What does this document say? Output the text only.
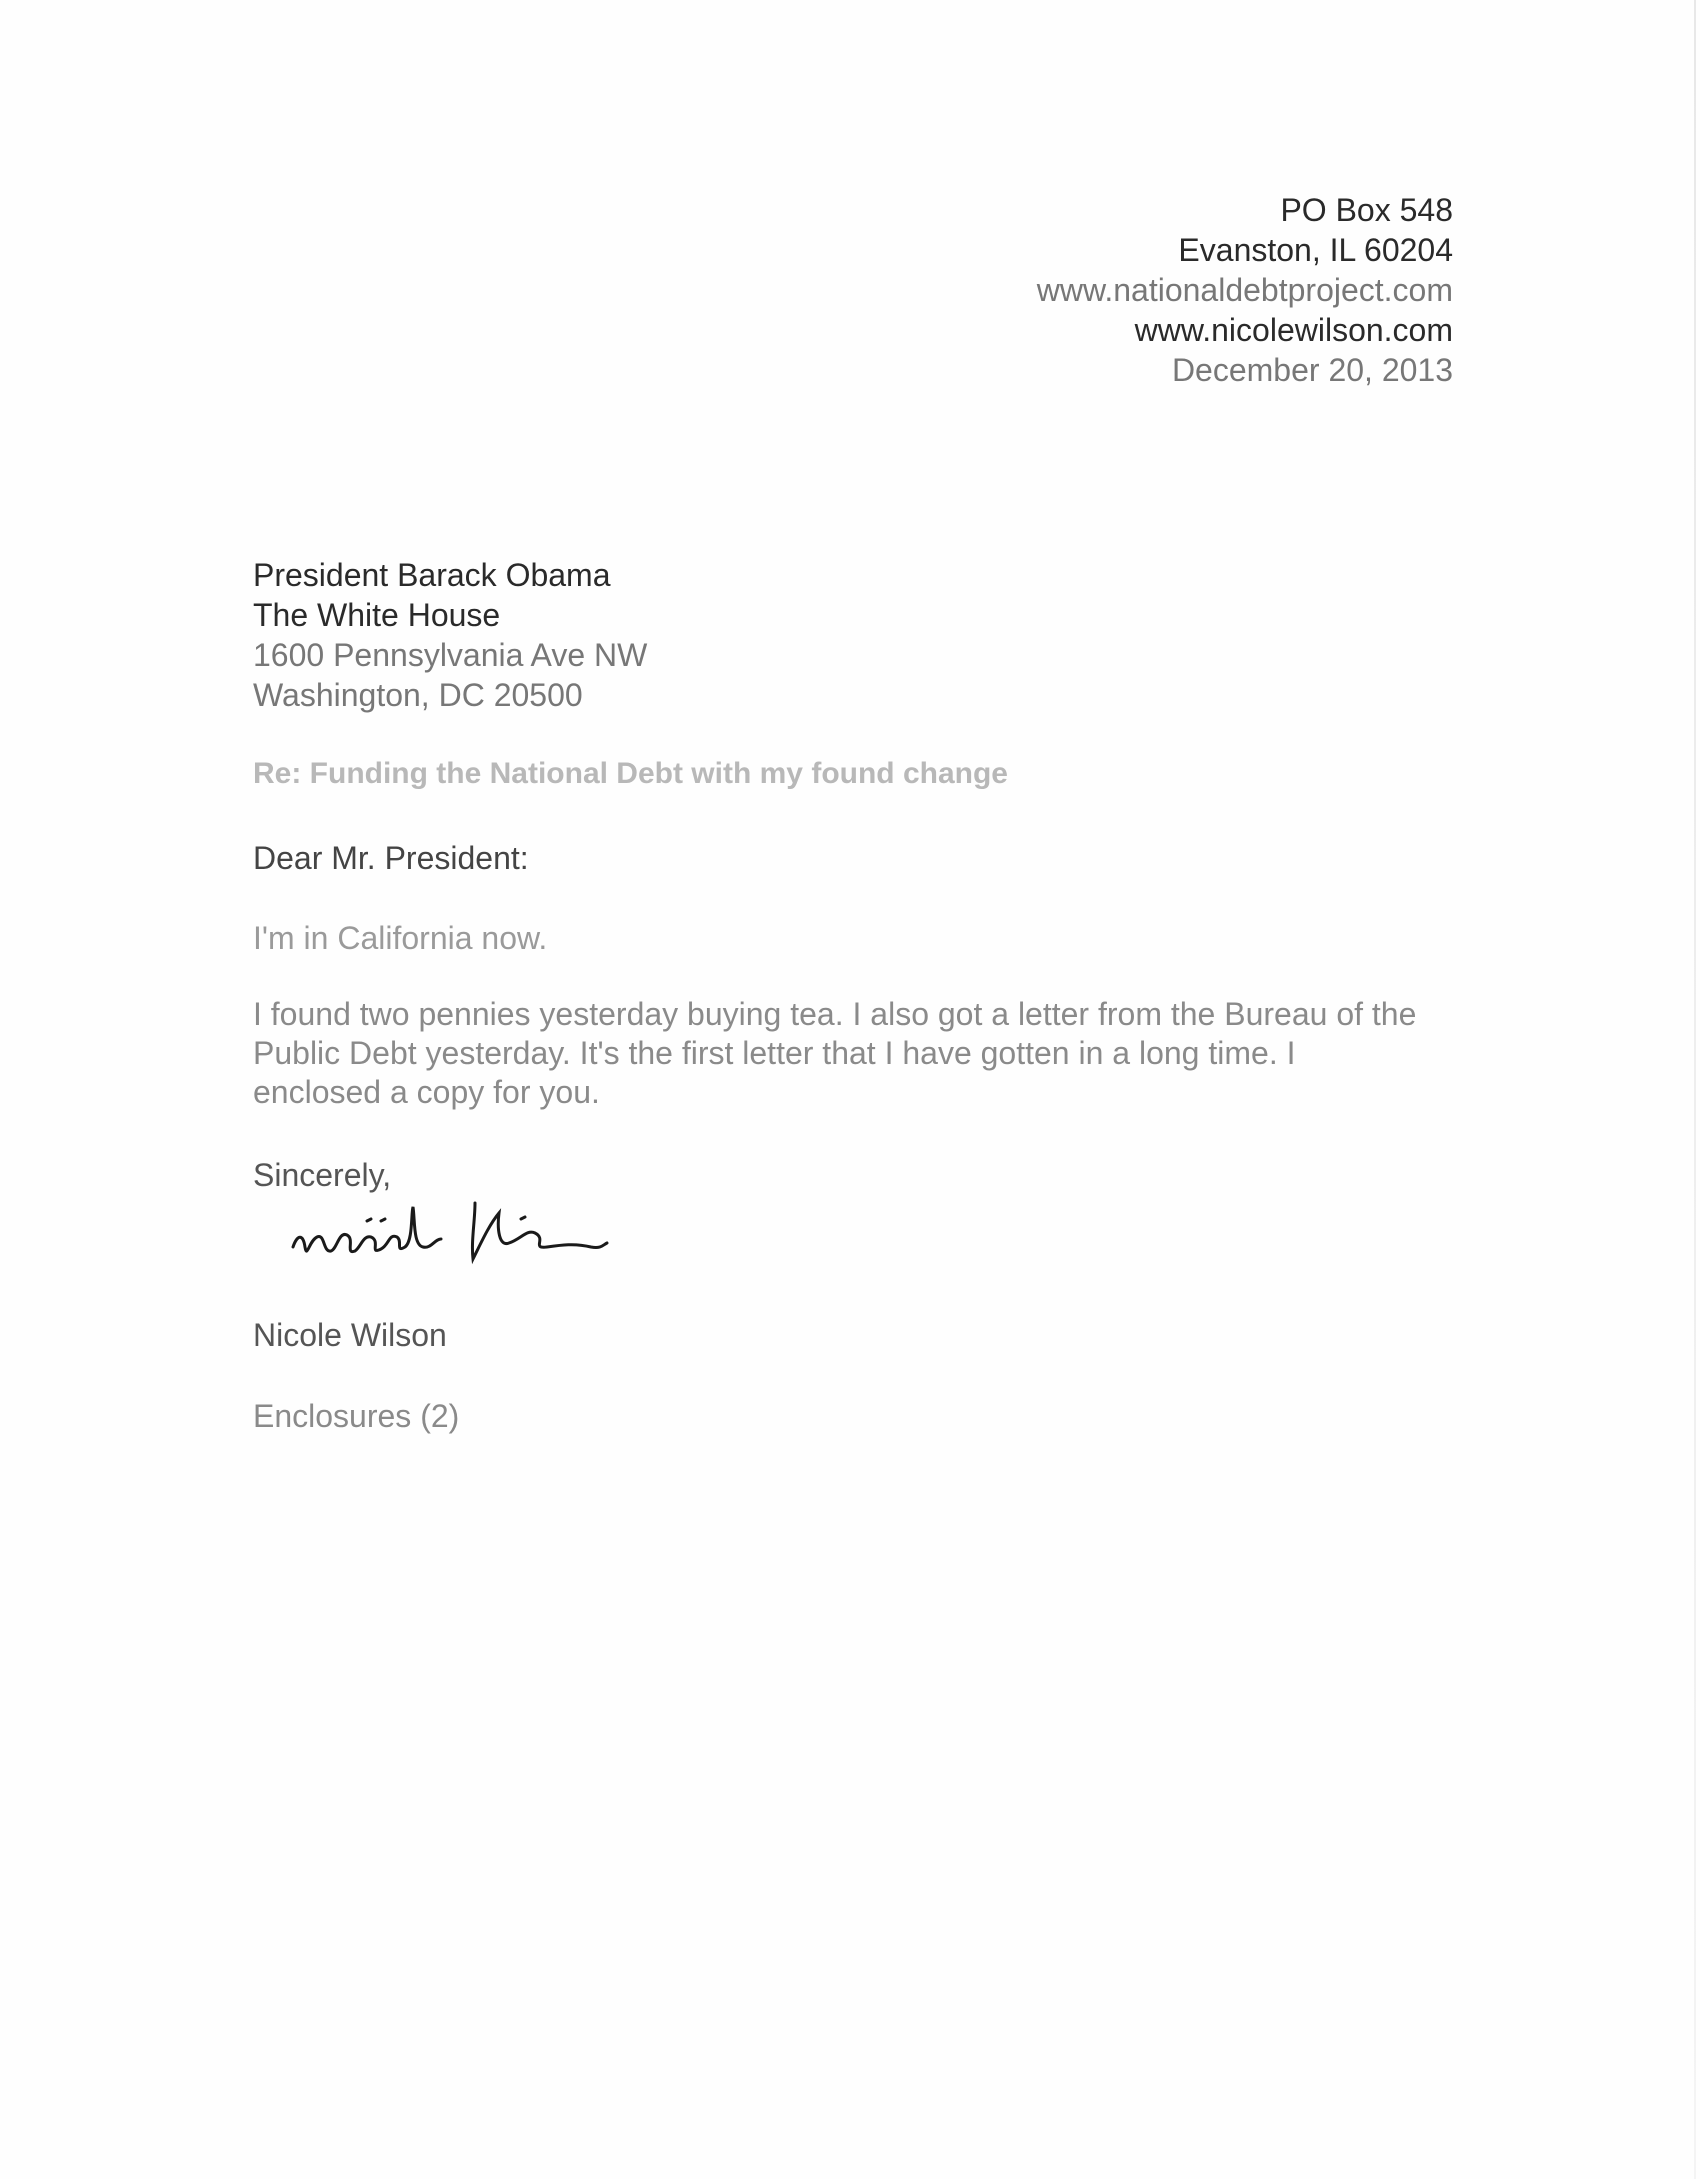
PO Box 548
Evanston, IL 60204
www.nationaldebtproject.com
www.nicolewilson.com
December 20, 2013
President Barack Obama
The White House
1600 Pennsylvania Ave NW
Washington, DC 20500
Re: Funding the National Debt with my found change
Dear Mr. President:
I'm in California now.
I found two pennies yesterday buying tea. I also got a letter from the Bureau of the Public Debt yesterday. It's the first letter that I have gotten in a long time. I enclosed a copy for you.
Sincerely,
Nicole Wilson
Enclosures (2)
